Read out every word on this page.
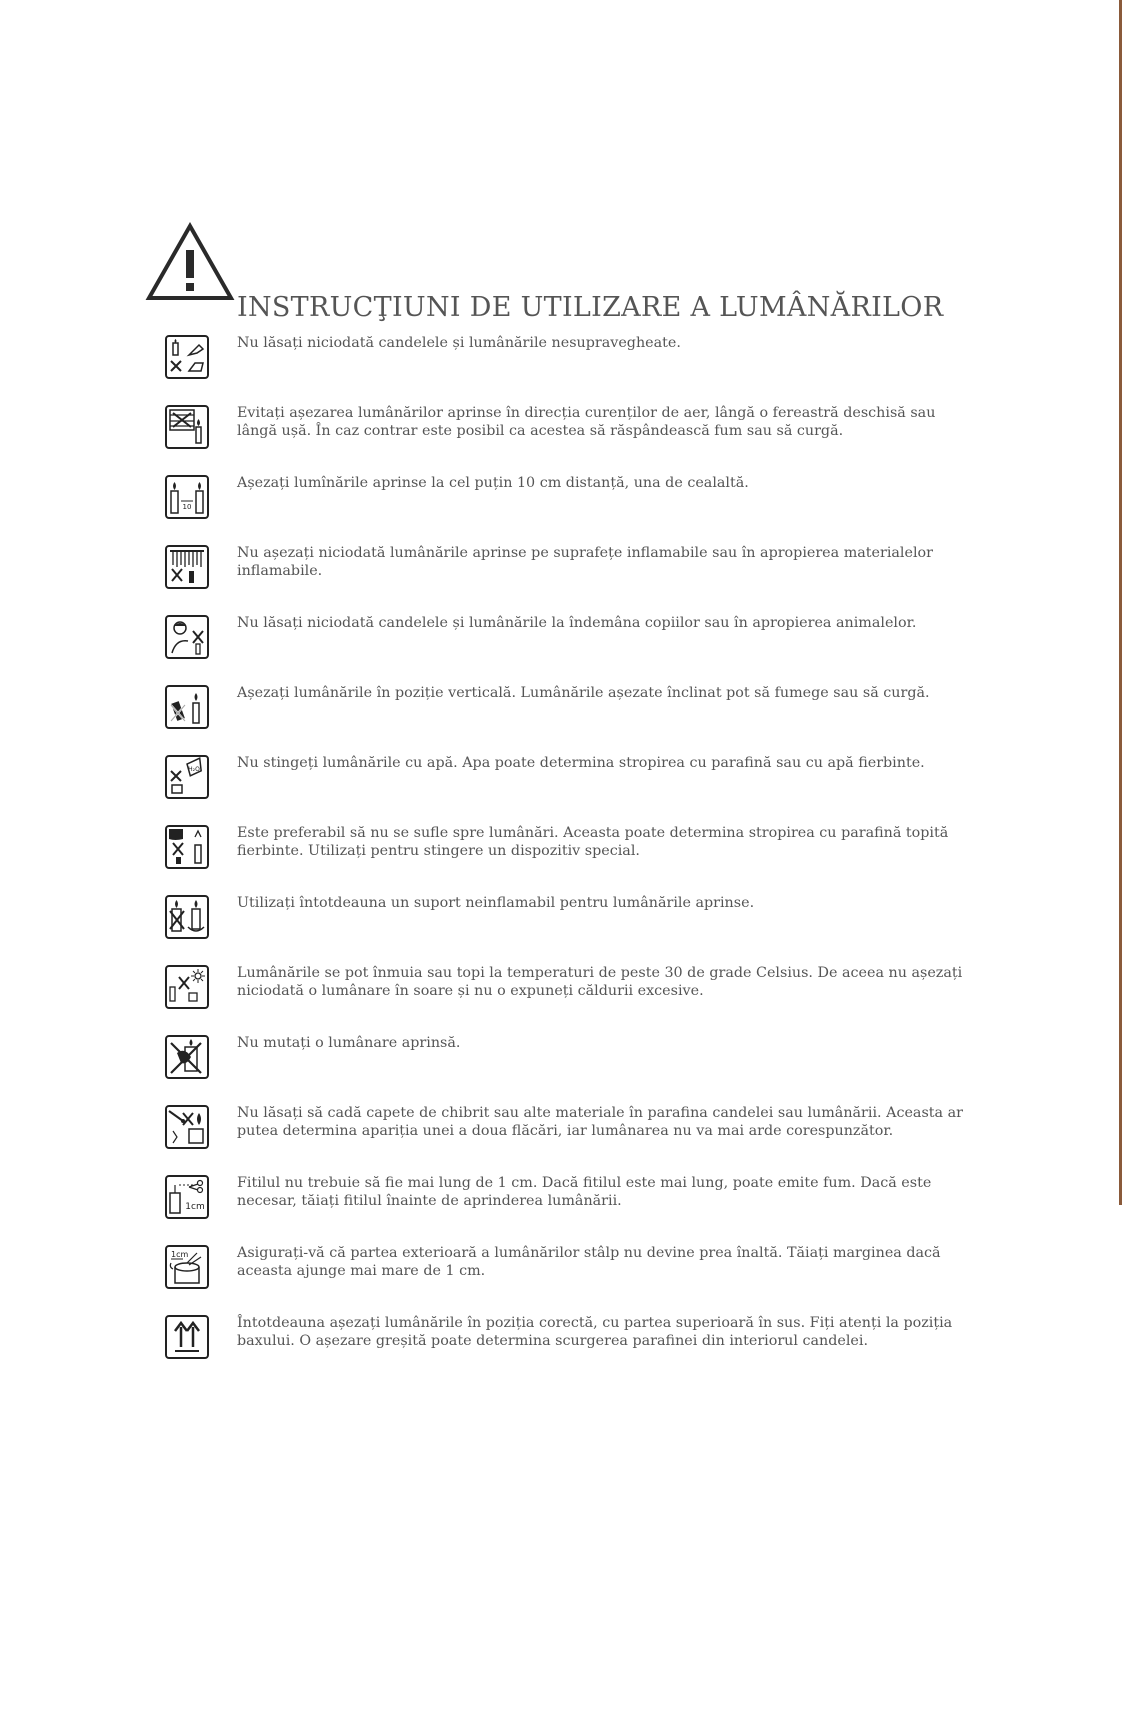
INSTRUCŢIUNI DE UTILIZARE A LUMÂNĂRILOR
Nu lăsați niciodată candelele și lumânările nesupravegheate.
Evitați așezarea lumânărilor aprinse în direcția curenților de aer, lângă o fereastră deschisă sau lângă ușă. În caz contrar este posibil ca acestea să răspândească fum sau să curgă.
10
Așezați lumînările aprinse la cel puțin 10 cm distanță, una de cealaltă.
Nu așezați niciodată lumânările aprinse pe suprafețe inflamabile sau în apropierea materialelor inflamabile.
Nu lăsați niciodată candelele și lumânările la îndemâna copiilor sau în apropierea animalelor.
Așezați lumânările în poziție verticală. Lumânările așezate înclinat pot să fumege sau să curgă.
H₂O	Nu stingeți lumânările cu apă. Apa poate determina stropirea cu parafină sau cu apă fierbinte.
Este preferabil să nu se sufle spre lumânări. Aceasta poate determina stropirea cu parafină topită fierbinte. Utilizați pentru stingere un dispozitiv special.
Utilizați întotdeauna un suport neinflamabil pentru lumânările aprinse.
Lumânările se pot înmuia sau topi la temperaturi de peste 30 de grade Celsius. De aceea nu așezați niciodată o lumânare în soare și nu o expuneți căldurii excesive.
Nu mutați o lumânare aprinsă.
Nu lăsați să cadă capete de chibrit sau alte materiale în parafina candelei sau lumânării. Aceasta ar putea determina apariția unei a doua flăcări, iar lumânarea nu va mai arde corespunzător.
1cm
Fitilul nu trebuie să fie mai lung de 1 cm. Dacă fitilul este mai lung, poate emite fum. Dacă este necesar, tăiați fitilul înainte de aprinderea lumânării.
1cm	Asigurați-vă că partea exterioară a lumânărilor stâlp nu devine prea înaltă. Tăiați marginea dacă aceasta ajunge mai mare de 1 cm.
Întotdeauna așezați lumânările în poziția corectă, cu partea superioară în sus. Fiți atenți la poziția baxului. O așezare greșită poate determina scurgerea parafinei din interiorul candelei.
